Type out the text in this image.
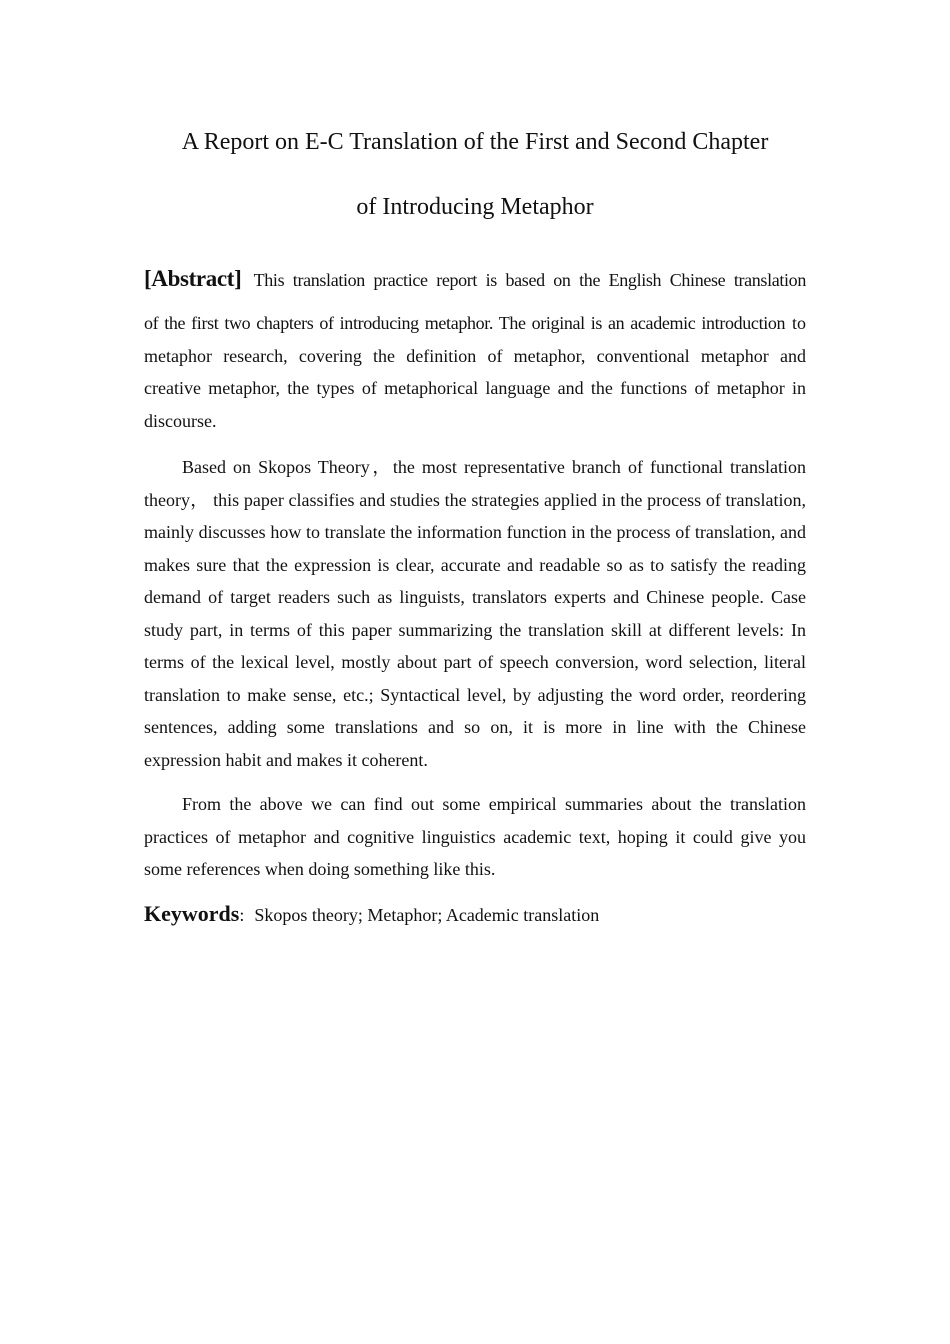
A Report on E-C Translation of the First and Second Chapter
of Introducing Metaphor
[Abstract] This translation practice report is based on the English Chinese translation
of the first two chapters of introducing metaphor. The original is an academic introduction to metaphor research, covering the definition of metaphor, conventional metaphor and creative metaphor, the types of metaphorical language and the functions of metaphor in discourse.
Based on Skopos Theory，the most representative branch of functional translation theory， this paper classifies and studies the strategies applied in the process of translation, mainly discusses how to translate the information function in the process of translation, and makes sure that the expression is clear, accurate and readable so as to satisfy the reading demand of target readers such as linguists, translators experts and Chinese people. Case study part, in terms of this paper summarizing the translation skill at different levels: In terms of the lexical level, mostly about part of speech conversion, word selection, literal translation to make sense, etc.; Syntactical level, by adjusting the word order, reordering sentences, adding some translations and so on, it is more in line with the Chinese expression habit and makes it coherent.
From the above we can find out some empirical summaries about the translation practices of metaphor and cognitive linguistics academic text, hoping it could give you some references when doing something like this.
Keywords: Skopos theory; Metaphor; Academic translation
